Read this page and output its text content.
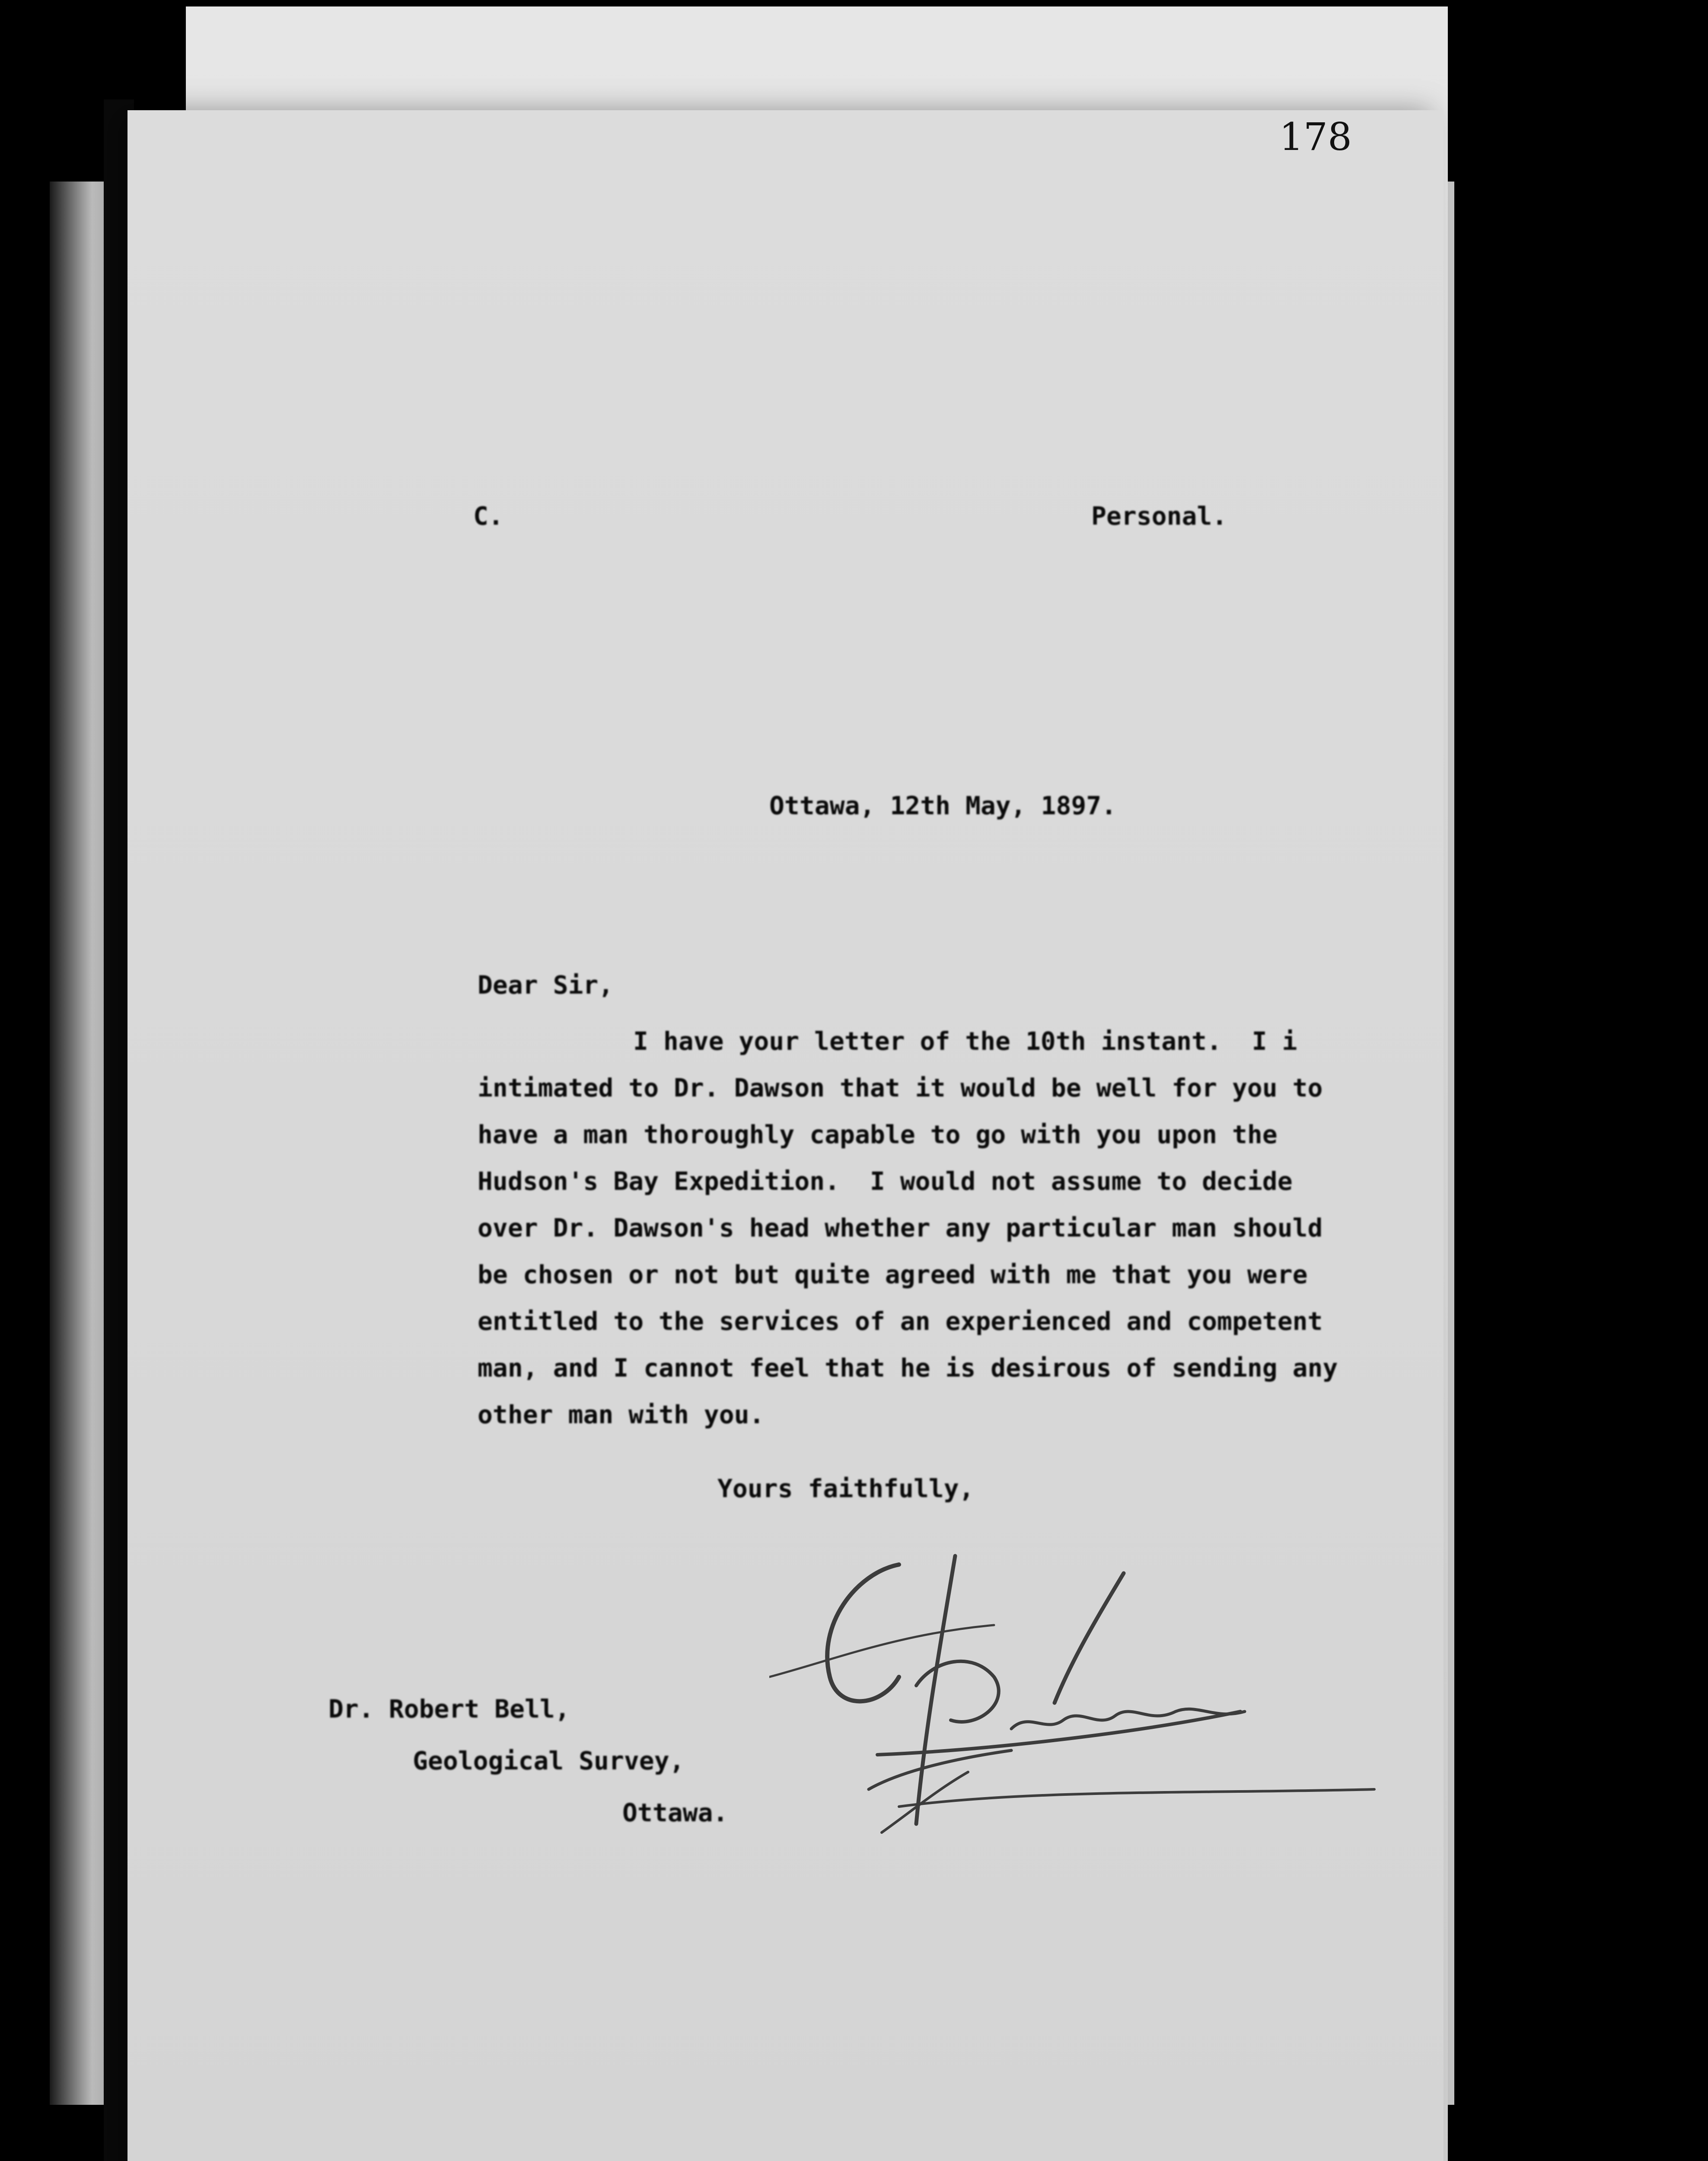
178
C.	Personal.
Ottawa, 12th May, 1897.
Dear Sir,
I have your letter of the 10th instant.  I i
intimated to Dr. Dawson that it would be well for you to
have a man thoroughly capable to go with you upon the
Hudson's Bay Expedition.  I would not assume to decide
over Dr. Dawson's head whether any particular man should
be chosen or not but quite agreed with me that you were
entitled to the services of an experienced and competent
man, and I cannot feel that he is desirous of sending any
other man with you.
Yours faithfully,
Clifford Sifton
Dr. Robert Bell,
Geological Survey,
Ottawa.
